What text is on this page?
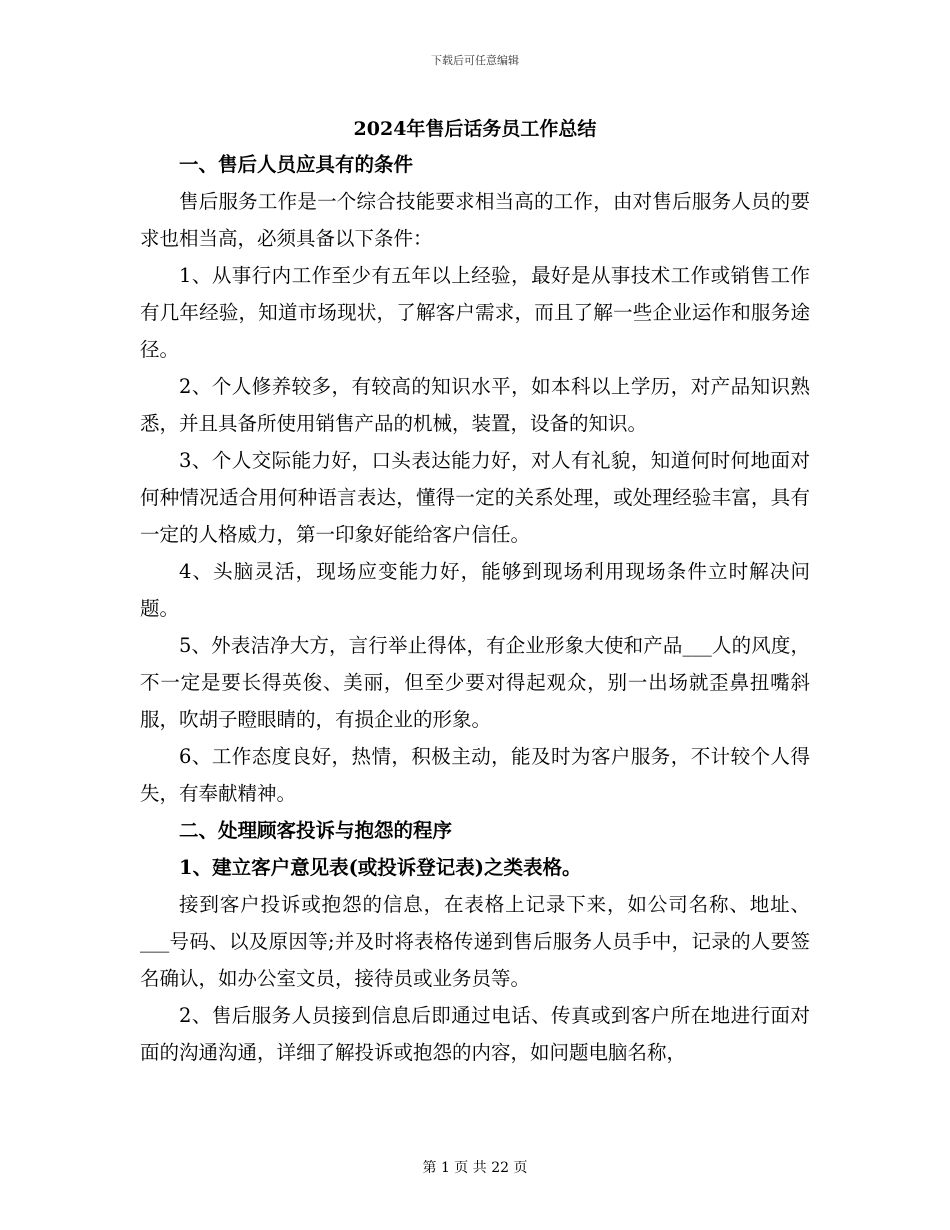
下载后可任意编辑
2024年售后话务员工作总结

一、售后人员应具有的条件

售后服务工作是一个综合技能要求相当高的工作，由对售后服务人员的要求也相当高，必须具备以下条件：

1、从事行内工作至少有五年以上经验，最好是从事技术工作或销售工作有几年经验，知道市场现状，了解客户需求，而且了解一些企业运作和服务途径。

2、个人修养较多，有较高的知识水平，如本科以上学历，对产品知识熟悉，并且具备所使用销售产品的机械，装置，设备的知识。

3、个人交际能力好，口头表达能力好，对人有礼貌，知道何时何地面对何种情况适合用何种语言表达，懂得一定的关系处理，或处理经验丰富，具有一定的人格威力，第一印象好能给客户信任。

4、头脑灵活，现场应变能力好，能够到现场利用现场条件立时解决问题。

5、外表洁净大方，言行举止得体，有企业形象大使和产品___人的风度，不一定是要长得英俊、美丽，但至少要对得起观众，别一出场就歪鼻扭嘴斜服，吹胡子瞪眼睛的，有损企业的形象。

6、工作态度良好，热情，积极主动，能及时为客户服务，不计较个人得失，有奉献精神。

二、处理顾客投诉与抱怨的程序

1、建立客户意见表(或投诉登记表)之类表格。

接到客户投诉或抱怨的信息，在表格上记录下来，如公司名称、地址、___号码、以及原因等;并及时将表格传递到售后服务人员手中，记录的人要签名确认，如办公室文员，接待员或业务员等。

2、售后服务人员接到信息后即通过电话、传真或到客户所在地进行面对面的沟通沟通，详细了解投诉或抱怨的内容，如问题电脑名称，

第 1 页 共 22 页
